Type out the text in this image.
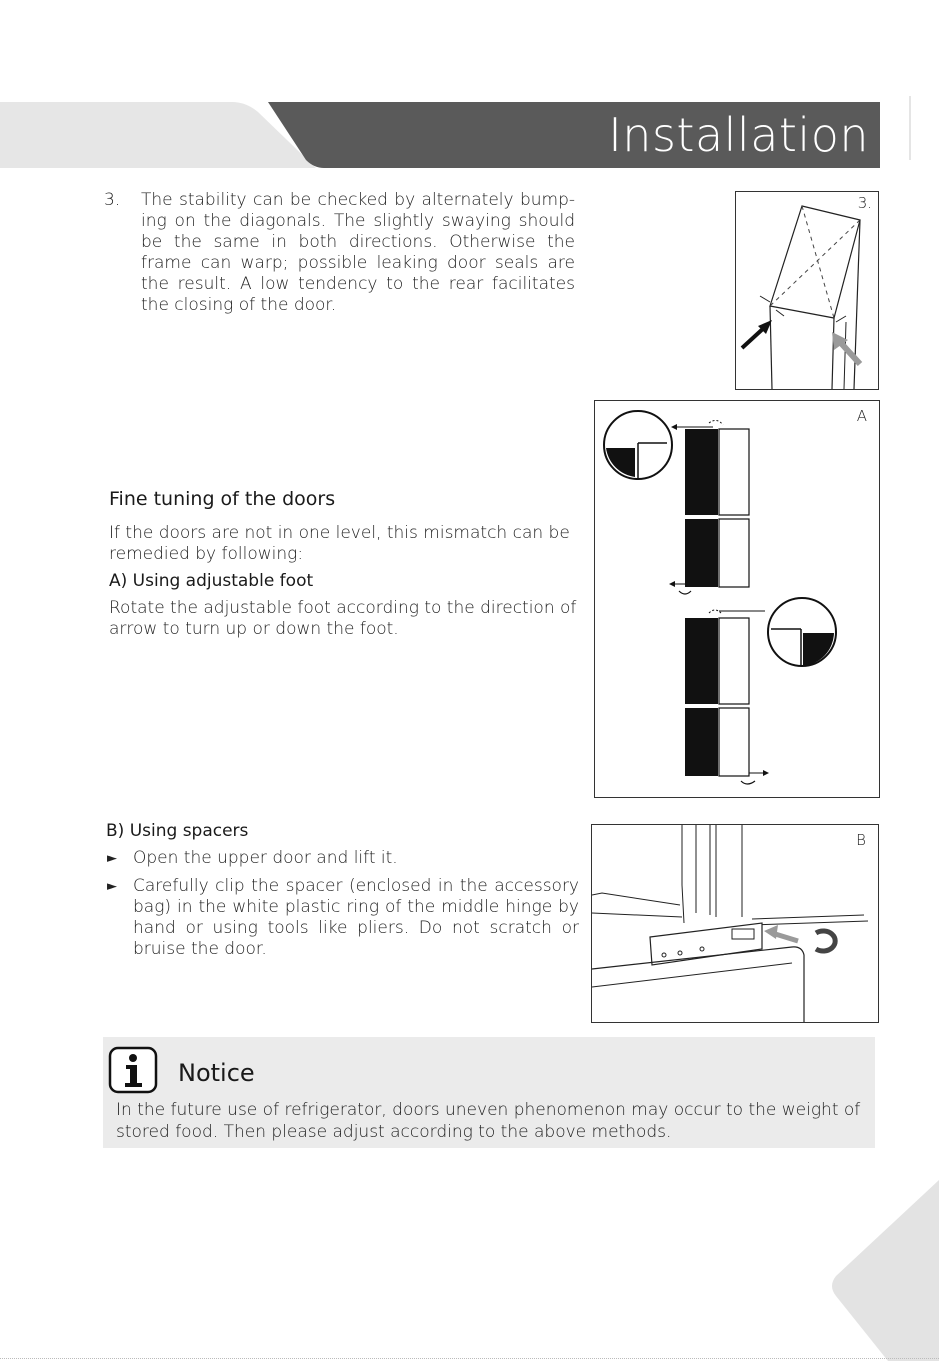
Installation
3. The stability can be checked by alternately bump-ing on the diagonals. The slightly swaying should be the same in both directions. Otherwise the frame can warp; possible leaking door seals are the result. A low tendency to the rear facilitates the closing of the door.
3.
Fine tuning of the doors
If the doors are not in one level, this mismatch can be remedied by following:
A) Using adjustable foot
Rotate the adjustable foot according to the direction of arrow to turn up or down the foot.
A
B) Using spacers
► Open the upper door and lift it.
► Carefully clip the spacer (enclosed in the accessory bag) in the white plastic ring of the middle hinge by hand or using tools like pliers. Do not scratch or bruise the door.
B
Notice
In the future use of refrigerator, doors uneven phenomenon may occur to the weight of stored food. Then please adjust according to the above methods.
